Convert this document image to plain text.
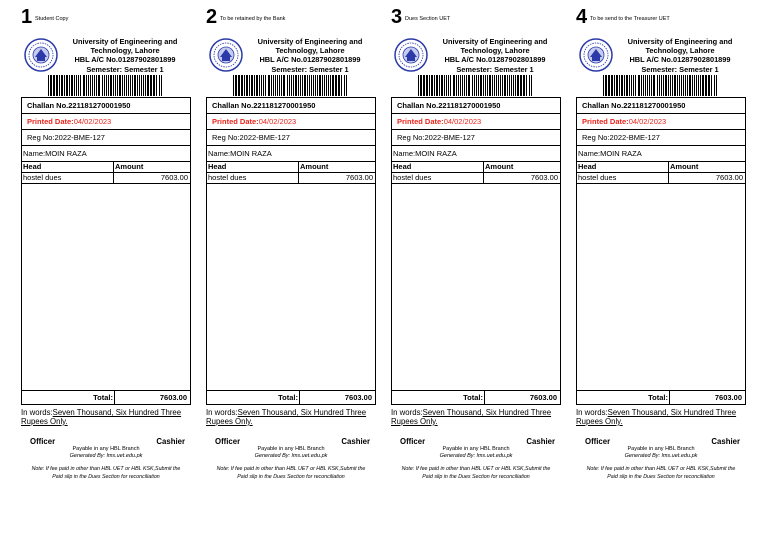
1 Student Copy
University of Engineering and
Technology, Lahore
HBL A/C No.01287902801899
Semester: Semester 1
Challan No.221181270001950
Printed Date:04/02/2023
Reg No:2022-BME-127
Name:MOIN RAZA
Head	Amount
hostel dues	7603.00
Total:	7603.00
In words:Seven Thousand, Six Hundred Three
Rupees Only.
Officer	Cashier
Payable in any HBL Branch
Generated By: lms.uet.edu.pk
Note: If fee paid in other than HBL UET or HBL KSK,Submit the
Paid slip in the Dues Section for reconciliation
2 To be retained by the Bank
University of Engineering and
Technology, Lahore
HBL A/C No.01287902801899
Semester: Semester 1
Challan No.221181270001950
Printed Date:04/02/2023
Reg No:2022-BME-127
Name:MOIN RAZA
Head	Amount
hostel dues	7603.00
Total:	7603.00
In words:Seven Thousand, Six Hundred Three
Rupees Only.
Officer	Cashier
Payable in any HBL Branch
Generated By: lms.uet.edu.pk
Note: If fee paid in other than HBL UET or HBL KSK,Submit the
Paid slip in the Dues Section for reconciliation
3 Dues Section UET
University of Engineering and
Technology, Lahore
HBL A/C No.01287902801899
Semester: Semester 1
Challan No.221181270001950
Printed Date:04/02/2023
Reg No:2022-BME-127
Name:MOIN RAZA
Head	Amount
hostel dues	7603.00
Total:	7603.00
In words:Seven Thousand, Six Hundred Three
Rupees Only.
Officer	Cashier
Payable in any HBL Branch
Generated By: lms.uet.edu.pk
Note: If fee paid in other than HBL UET or HBL KSK,Submit the
Paid slip in the Dues Section for reconciliation
4 To be send to the Treasurer UET
University of Engineering and
Technology, Lahore
HBL A/C No.01287902801899
Semester: Semester 1
Challan No.221181270001950
Printed Date:04/02/2023
Reg No:2022-BME-127
Name:MOIN RAZA
Head	Amount
hostel dues	7603.00
Total:	7603.00
In words:Seven Thousand, Six Hundred Three
Rupees Only.
Officer	Cashier
Payable in any HBL Branch
Generated By: lms.uet.edu.pk
Note: If fee paid in other than HBL UET or HBL KSK,Submit the
Paid slip in the Dues Section for reconciliation
